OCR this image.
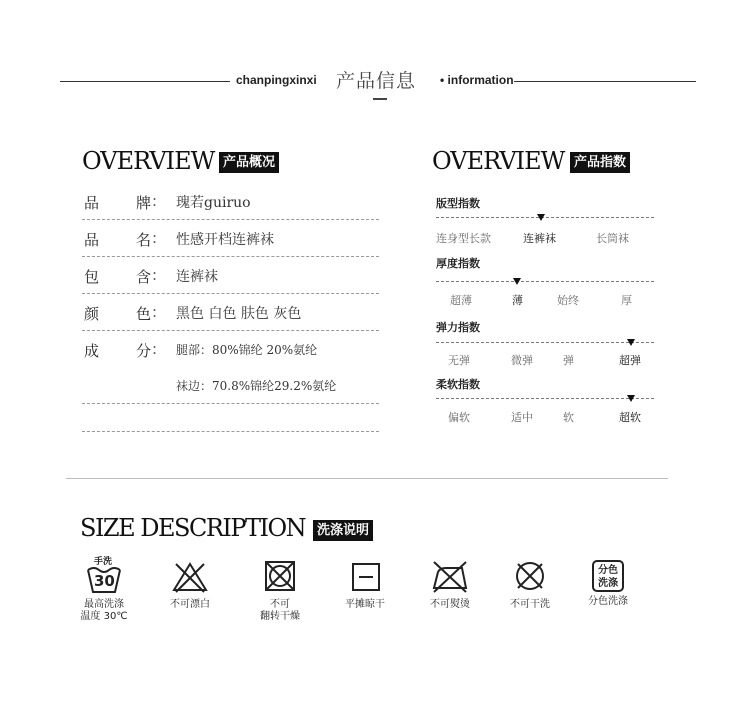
chanpingxinxi 产品信息 • information
OVERVIEW 产品概况
品 牌 : 瑰若guiruo
品 名 : 性感开档连裤袜
包 含 : 连裤袜
颜 色 : 黑色 白色 肤色 灰色
成 分 : 腿部：80%锦纶 20%氨纶
袜边：70.8%锦纶29.2%氨纶
OVERVIEW 产品指数
版型指数
连身型长款	连裤袜	长筒袜
厚度指数
超薄	薄	始终	厚
弹力指数
无弹	微弹	弹	超弹
柔软指数
偏软	适中	软	超软
SIZE DESCRIPTION 洗涤说明
手洗
30
最高洗涤
温度 30℃
不可漂白	不可
翻转干燥
平摊晾干	不可熨烫	不可干洗
分色
洗涤
分色洗涤
